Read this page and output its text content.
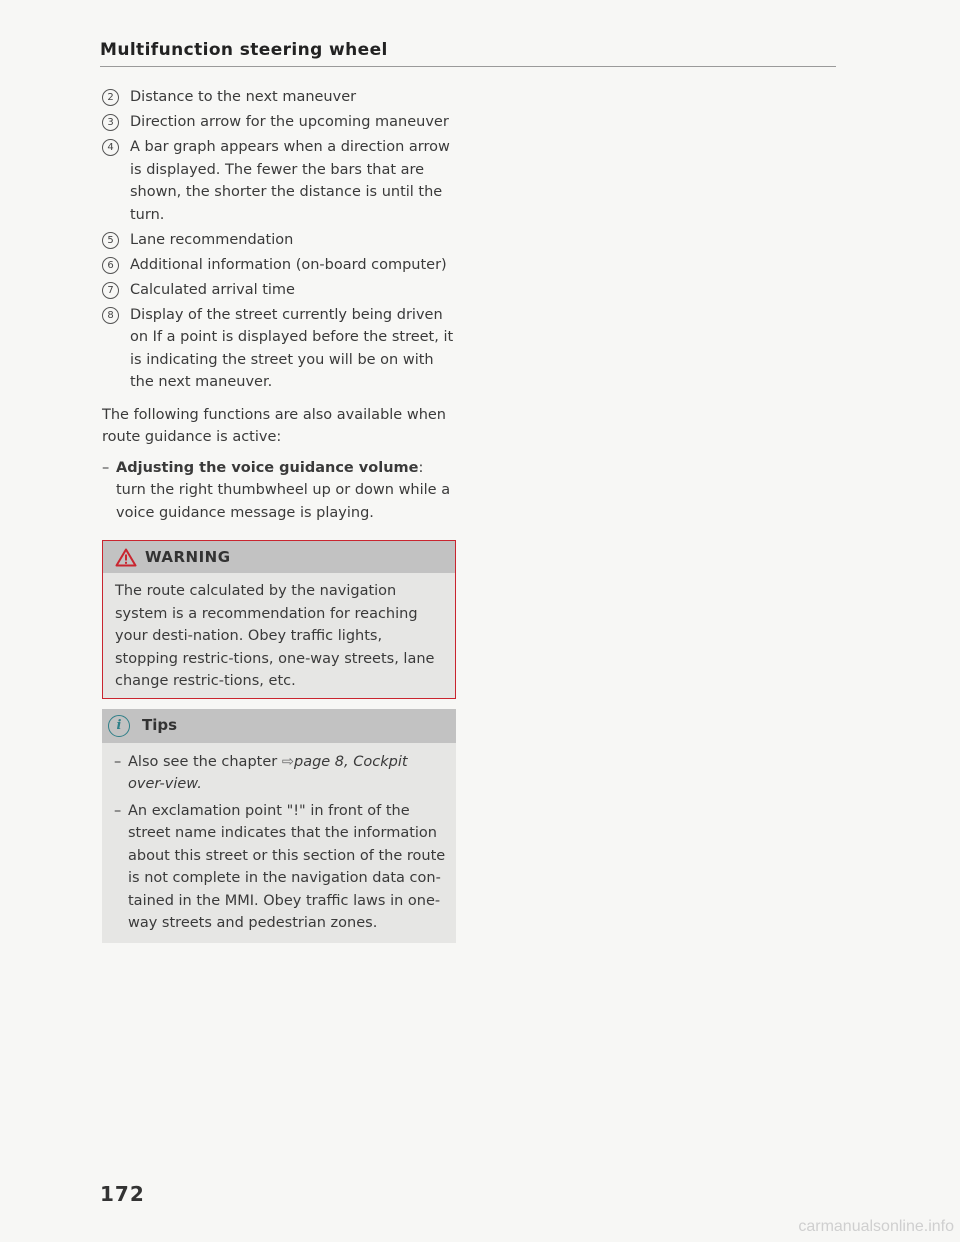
Multifunction steering wheel
2	Distance to the next maneuver
3	Direction arrow for the upcoming maneuver
4	A bar graph appears when a direction arrow is displayed. The fewer the bars that are shown, the shorter the distance is until the turn.
5	Lane recommendation
6	Additional information (on-board computer)
7	Calculated arrival time
8	Display of the street currently being driven on If a point is displayed before the street, it is indicating the street you will be on with the next maneuver.

The following functions are also available when route guidance is active:

– Adjusting the voice guidance volume: turn the right thumbwheel up or down while a voice guidance message is playing.
WARNING
The route calculated by the navigation system is a recommendation for reaching your desti-nation. Obey traffic lights, stopping restric-tions, one-way streets, lane change restric-tions, etc.
i	Tips
– Also see the chapter ⇨page 8, Cockpit over-view.
– An exclamation point "!" in front of the street name indicates that the information about this street or this section of the route is not complete in the navigation data con-tained in the MMI. Obey traffic laws in one-way streets and pedestrian zones.
172
carmanualsonline.info
